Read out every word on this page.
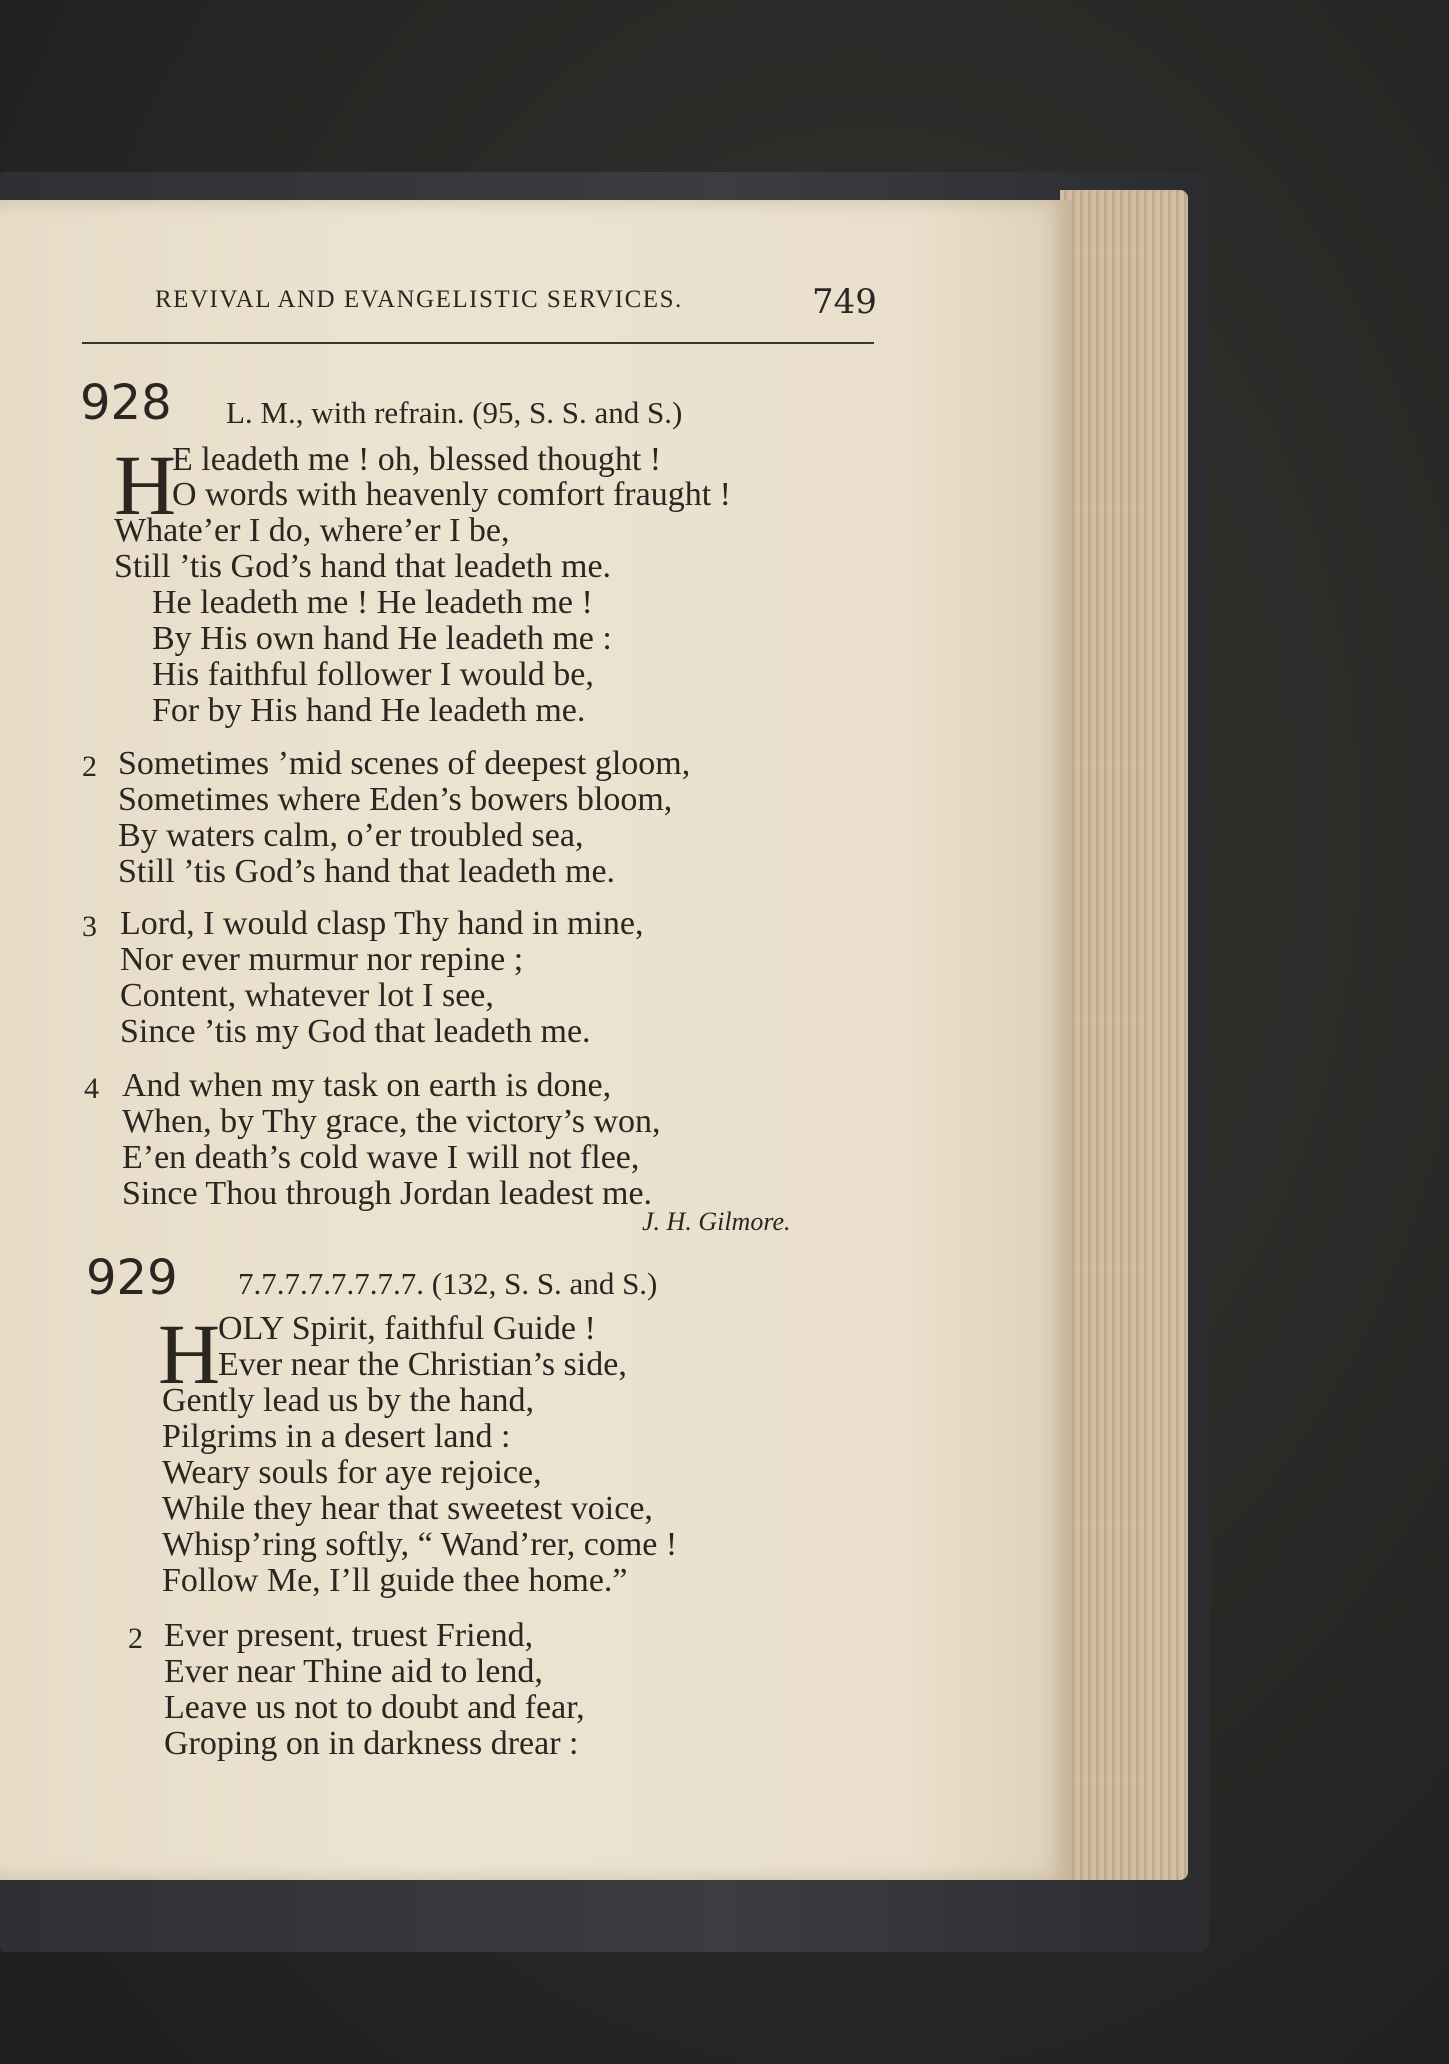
REVIVAL AND EVANGELISTIC SERVICES.	749
928 L. M., with refrain. (95, S. S. and S.)
H
E leadeth me ! oh, blessed thought !
O words with heavenly comfort fraught !
Whate’er I do, where’er I be,
Still ’tis God’s hand that leadeth me.
He leadeth me ! He leadeth me !
By His own hand He leadeth me :
His faithful follower I would be,
For by His hand He leadeth me.
2 Sometimes ’mid scenes of deepest gloom,
Sometimes where Eden’s bowers bloom,
By waters calm, o’er troubled sea,
Still ’tis God’s hand that leadeth me.
3 Lord, I would clasp Thy hand in mine,
Nor ever murmur nor repine ;
Content, whatever lot I see,
Since ’tis my God that leadeth me.
4 And when my task on earth is done,
When, by Thy grace, the victory’s won,
E’en death’s cold wave I will not flee,
Since Thou through Jordan leadest me.
J. H. Gilmore.
929 7.7.7.7.7.7.7.7. (132, S. S. and S.)
H
OLY Spirit, faithful Guide !
Ever near the Christian’s side,
Gently lead us by the hand,
Pilgrims in a desert land :
Weary souls for aye rejoice,
While they hear that sweetest voice,
Whisp’ring softly, “ Wand’rer, come !
Follow Me, I’ll guide thee home.”
2 Ever present, truest Friend,
Ever near Thine aid to lend,
Leave us not to doubt and fear,
Groping on in darkness drear :
